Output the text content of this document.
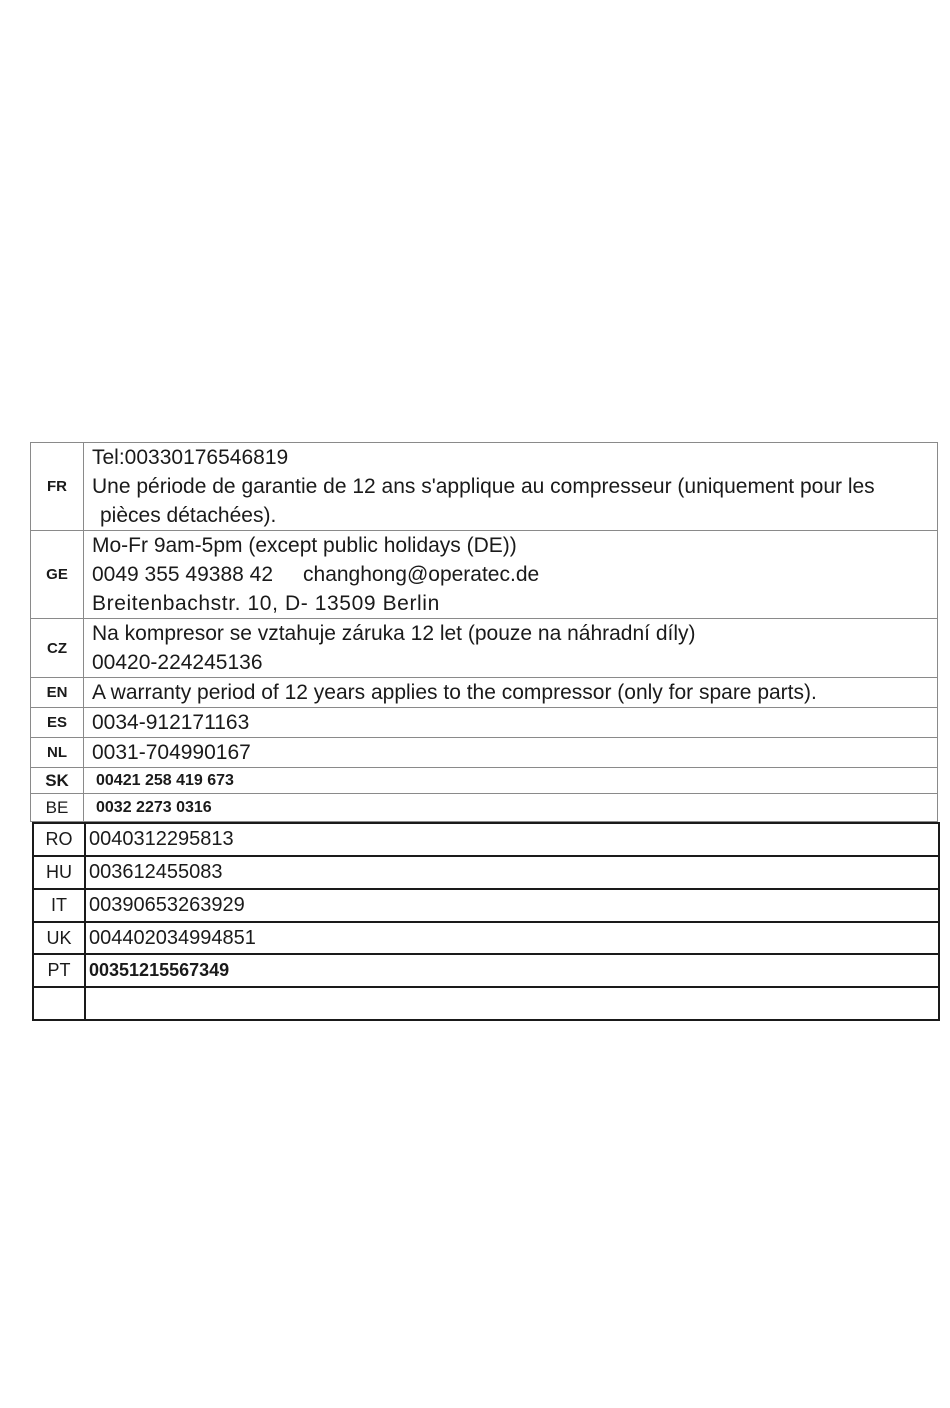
FR	Tel:00330176546819
Une période de garantie de 12 ans s'applique au compresseur (uniquement pour les
pièces détachées).

GE	Mo-Fr 9am-5pm (except public holidays (DE))
0049 355 49388 42 changhong@operatec.de
Breitenbachstr. 10, D- 13509 Berlin

CZ	Na kompresor se vztahuje záruka 12 let (pouze na náhradní díly)
00420-224245136

EN	A warranty period of 12 years applies to the compressor (only for spare parts).
ES	0034-912171163
NL	0031-704990167
SK	00421 258 419 673
BE	0032 2273 0316
RO	0040312295813
HU	003612455083
IT	00390653263929
UK	004402034994851
PT	00351215567349
